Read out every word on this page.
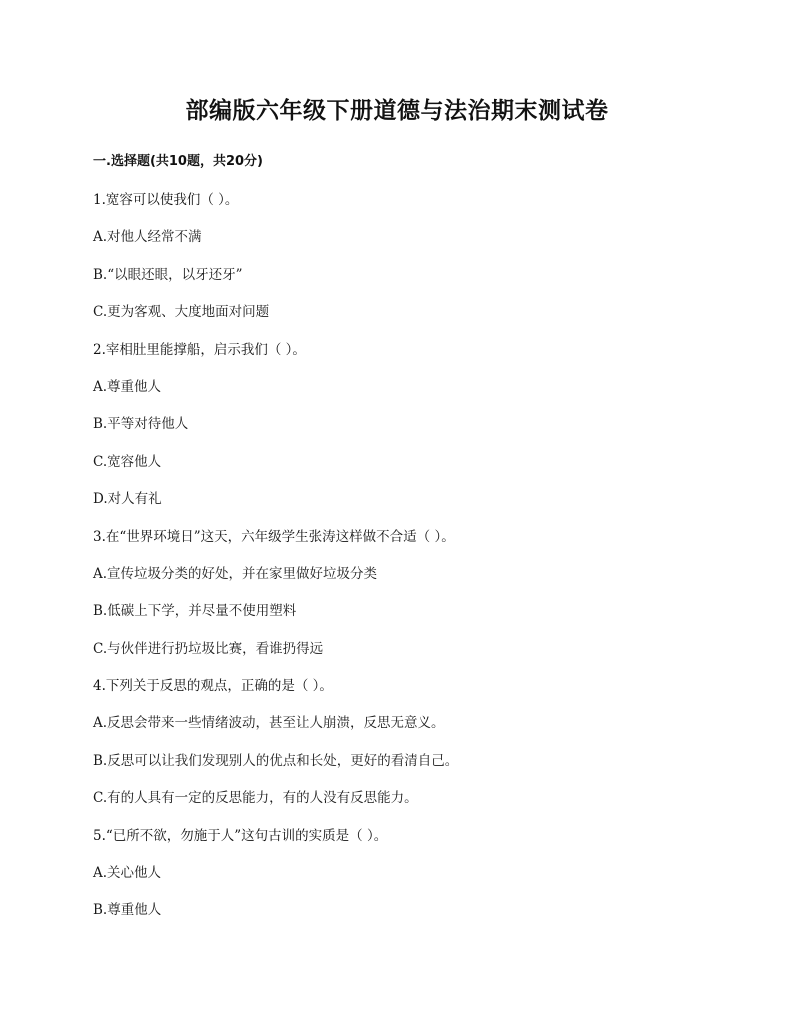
部编版六年级下册道德与法治期末测试卷
一.选择题(共10题，共20分)
1.宽容可以使我们（ ）。
A.对他人经常不满
B.“以眼还眼，以牙还牙”
C.更为客观、大度地面对问题
2.宰相肚里能撑船，启示我们（ ）。
A.尊重他人
B.平等对待他人
C.宽容他人
D.对人有礼
3.在“世界环境日”这天，六年级学生张涛这样做不合适（ ）。
A.宣传垃圾分类的好处，并在家里做好垃圾分类
B.低碳上下学，并尽量不使用塑料
C.与伙伴进行扔垃圾比赛，看谁扔得远
4.下列关于反思的观点，正确的是（ ）。
A.反思会带来一些情绪波动，甚至让人崩溃，反思无意义。
B.反思可以让我们发现别人的优点和长处，更好的看清自己。
C.有的人具有一定的反思能力，有的人没有反思能力。
5.“已所不欲，勿施于人”这句古训的实质是（ ）。
A.关心他人
B.尊重他人
